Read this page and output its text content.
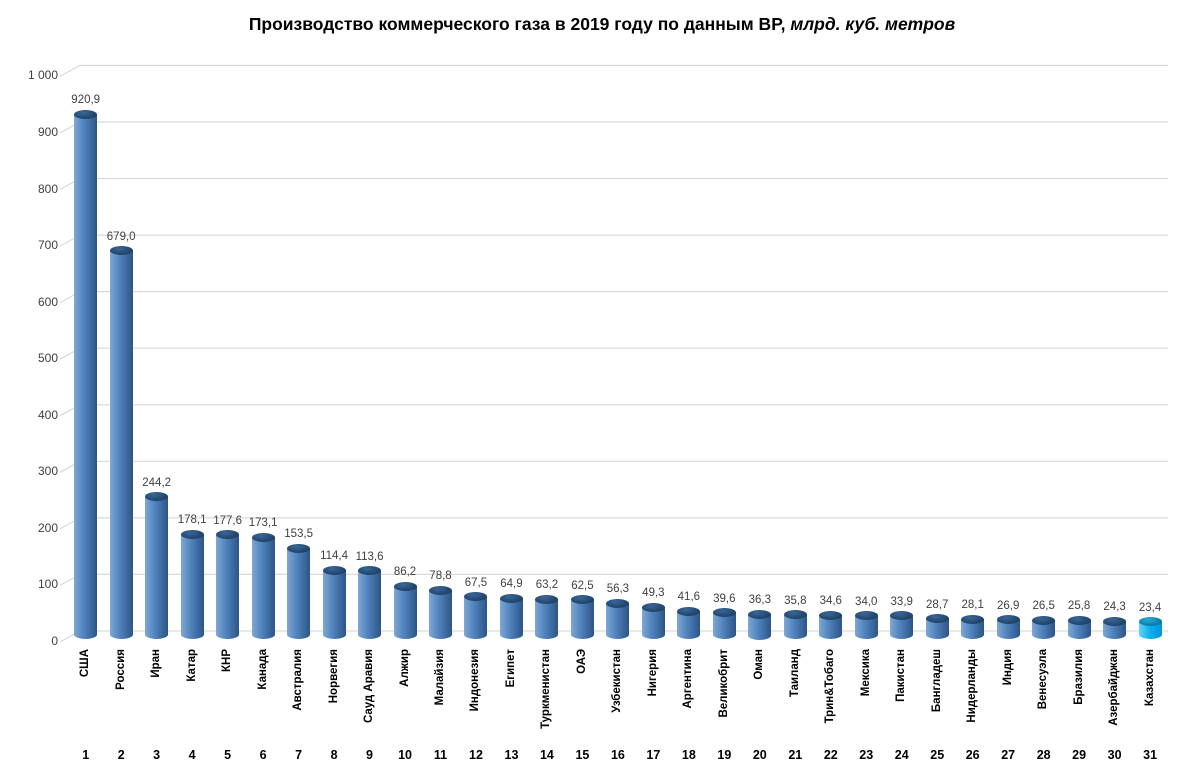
Производство коммерческого газа в 2019 году по данным BP, млрд. куб. метров
0
100
200
300
400
500
600
700
800
900
1 000
920,9
США
1
679,0
Россия
2
244,2
Иран
3
178,1
Катар
4
177,6
КНР
5
173,1
Канада
6
153,5
Австралия
7
114,4
Норвегия
8
113,6
Сауд Аравия
9
86,2
Алжир
10
78,8
Малайзия
11
67,5
Индонезия
12
64,9
Египет
13
63,2
Туркменистан
14
62,5
ОАЭ
15
56,3
Узбекистан
16
49,3
Нигерия
17
41,6
Аргентина
18
39,6
Великобрит
19
36,3
Оман
20
35,8
Таиланд
21
34,6
Трин&Тобаго
22
34,0
Мексика
23
33,9
Пакистан
24
28,7
Бангладеш
25
28,1
Нидерланды
26
26,9
Индия
27
26,5
Венесуэла
28
25,8
Бразилия
29
24,3
Азербайджан
30
23,4
Казахстан
31
